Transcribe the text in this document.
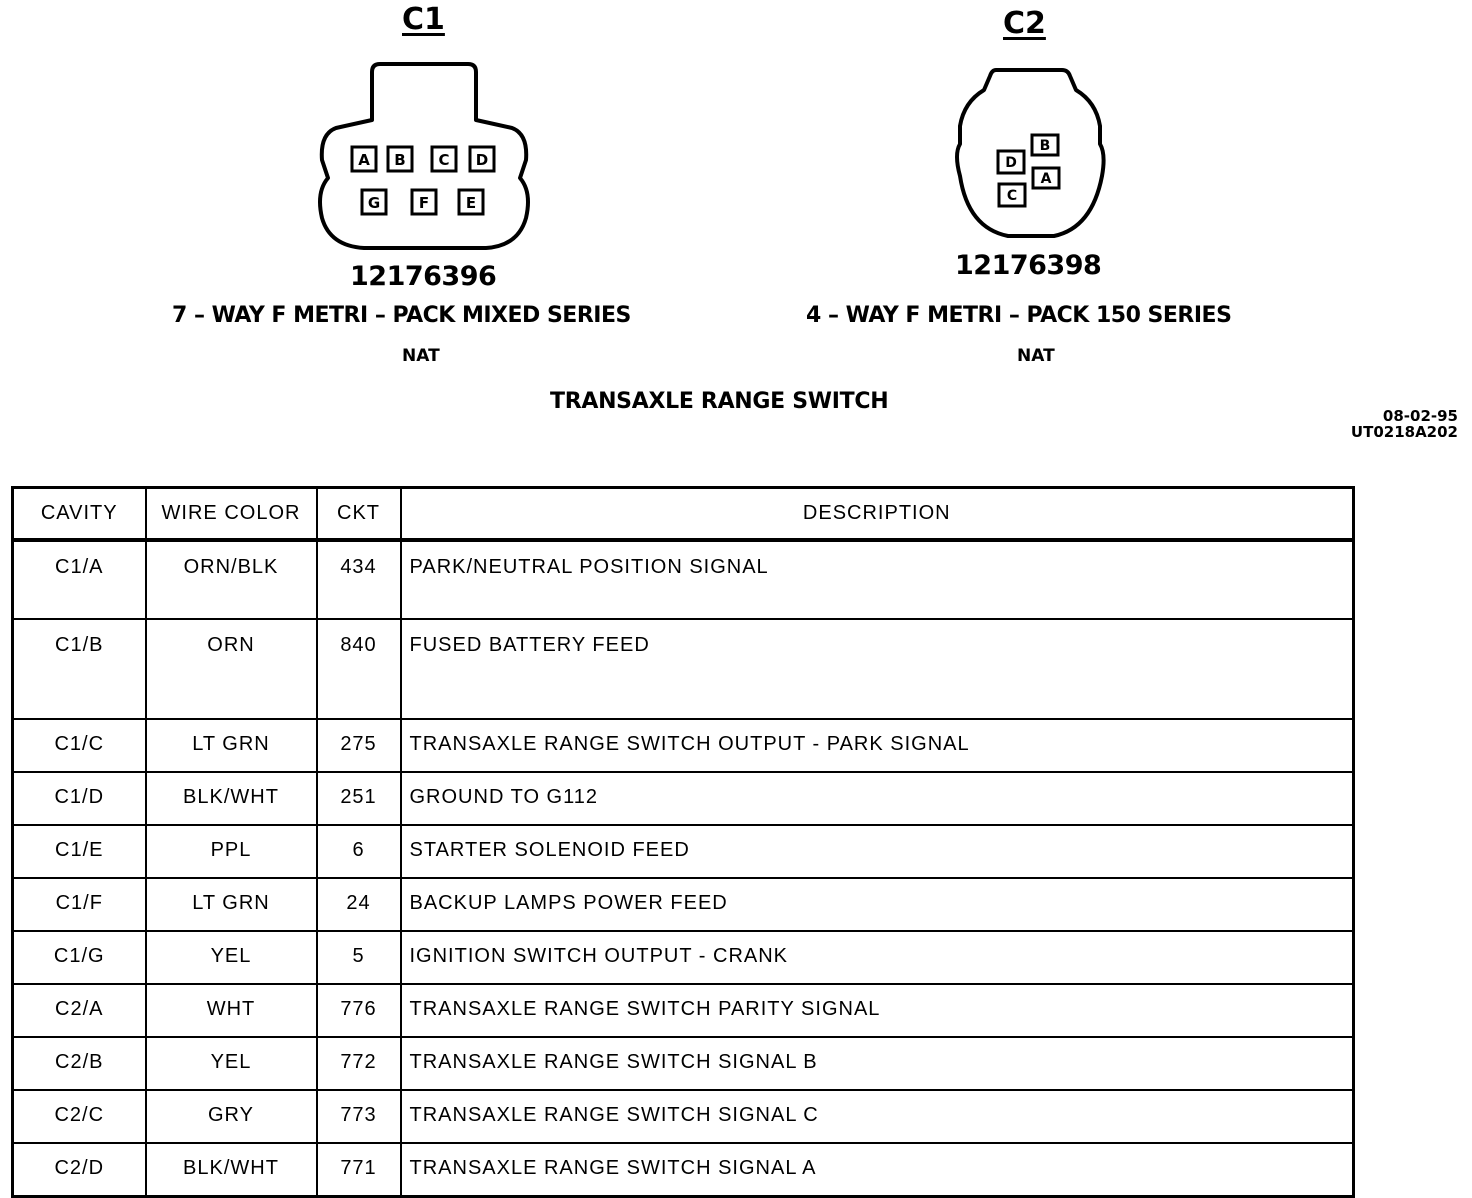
C1
A B C D
G	F E
12176396
7 – WAY F METRI – PACK MIXED SERIES
NAT
C2
B
D
A
C
12176398
4 – WAY F METRI – PACK 150 SERIES
NAT
TRANSAXLE RANGE SWITCH
08-02-95
UT0218A202
CAVITY	WIRE COLOR	CKT	DESCRIPTION
C1/A	ORN/BLK	434	PARK/NEUTRAL POSITION SIGNAL
C1/B	ORN	840	FUSED BATTERY FEED
C1/C	LT GRN	275	TRANSAXLE RANGE SWITCH OUTPUT - PARK SIGNAL
C1/D	BLK/WHT	251	GROUND TO G112
C1/E	PPL	6	STARTER SOLENOID FEED
C1/F	LT GRN	24	BACKUP LAMPS POWER FEED
C1/G	YEL	5	IGNITION SWITCH OUTPUT - CRANK
C2/A	WHT	776	TRANSAXLE RANGE SWITCH PARITY SIGNAL
C2/B	YEL	772	TRANSAXLE RANGE SWITCH SIGNAL B
C2/C	GRY	773	TRANSAXLE RANGE SWITCH SIGNAL C
C2/D	BLK/WHT	771	TRANSAXLE RANGE SWITCH SIGNAL A
